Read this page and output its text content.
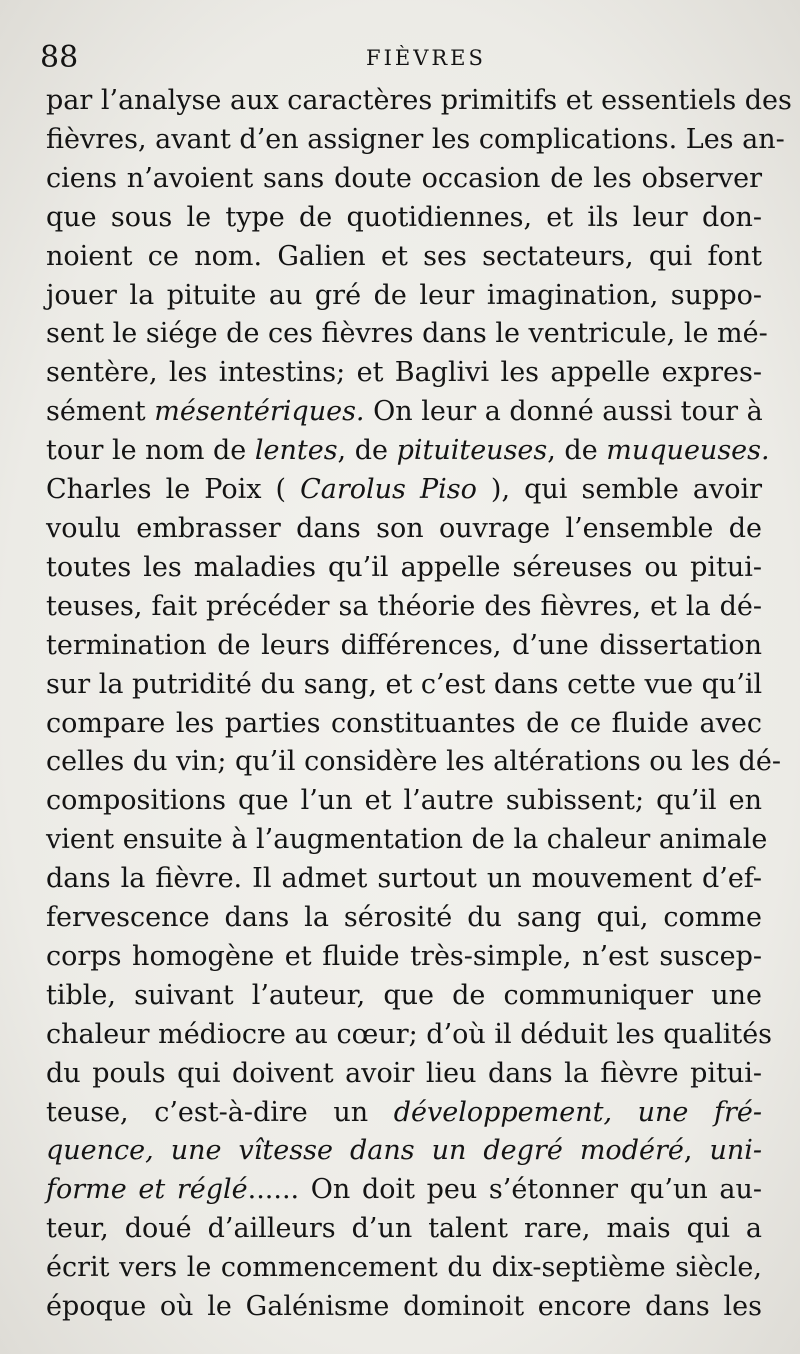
88	FIÈVRES
par l’analyse aux caractères primitifs et essentiels des
fièvres, avant d’en assigner les complications. Les an-
ciens n’avoient sans doute occasion de les observer
que sous le type de quotidiennes, et ils leur don-
noient ce nom. Galien et ses sectateurs, qui font
jouer la pituite au gré de leur imagination, suppo-
sent le siége de ces fièvres dans le ventricule, le mé-
sentère, les intestins; et Baglivi les appelle expres-
sément mésentériques. On leur a donné aussi tour à
tour le nom de lentes, de pituiteuses, de muqueuses.
Charles le Poix ( Carolus Piso ), qui semble avoir
voulu embrasser dans son ouvrage l’ensemble de
toutes les maladies qu’il appelle séreuses ou pitui-
teuses, fait précéder sa théorie des fièvres, et la dé-
termination de leurs différences, d’une dissertation
sur la putridité du sang, et c’est dans cette vue qu’il
compare les parties constituantes de ce fluide avec
celles du vin; qu’il considère les altérations ou les dé-
compositions que l’un et l’autre subissent; qu’il en
vient ensuite à l’augmentation de la chaleur animale
dans la fièvre. Il admet surtout un mouvement d’ef-
fervescence dans la sérosité du sang qui, comme
corps homogène et fluide très-simple, n’est suscep-
tible, suivant l’auteur, que de communiquer une
chaleur médiocre au cœur; d’où il déduit les qualités
du pouls qui doivent avoir lieu dans la fièvre pitui-
teuse, c’est-à-dire un développement, une fré-
quence, une vîtesse dans un degré modéré, uni-
forme et réglé...... On doit peu s’étonner qu’un au-
teur, doué d’ailleurs d’un talent rare, mais qui a
écrit vers le commencement du dix-septième siècle,
époque où le Galénisme dominoit encore dans les
